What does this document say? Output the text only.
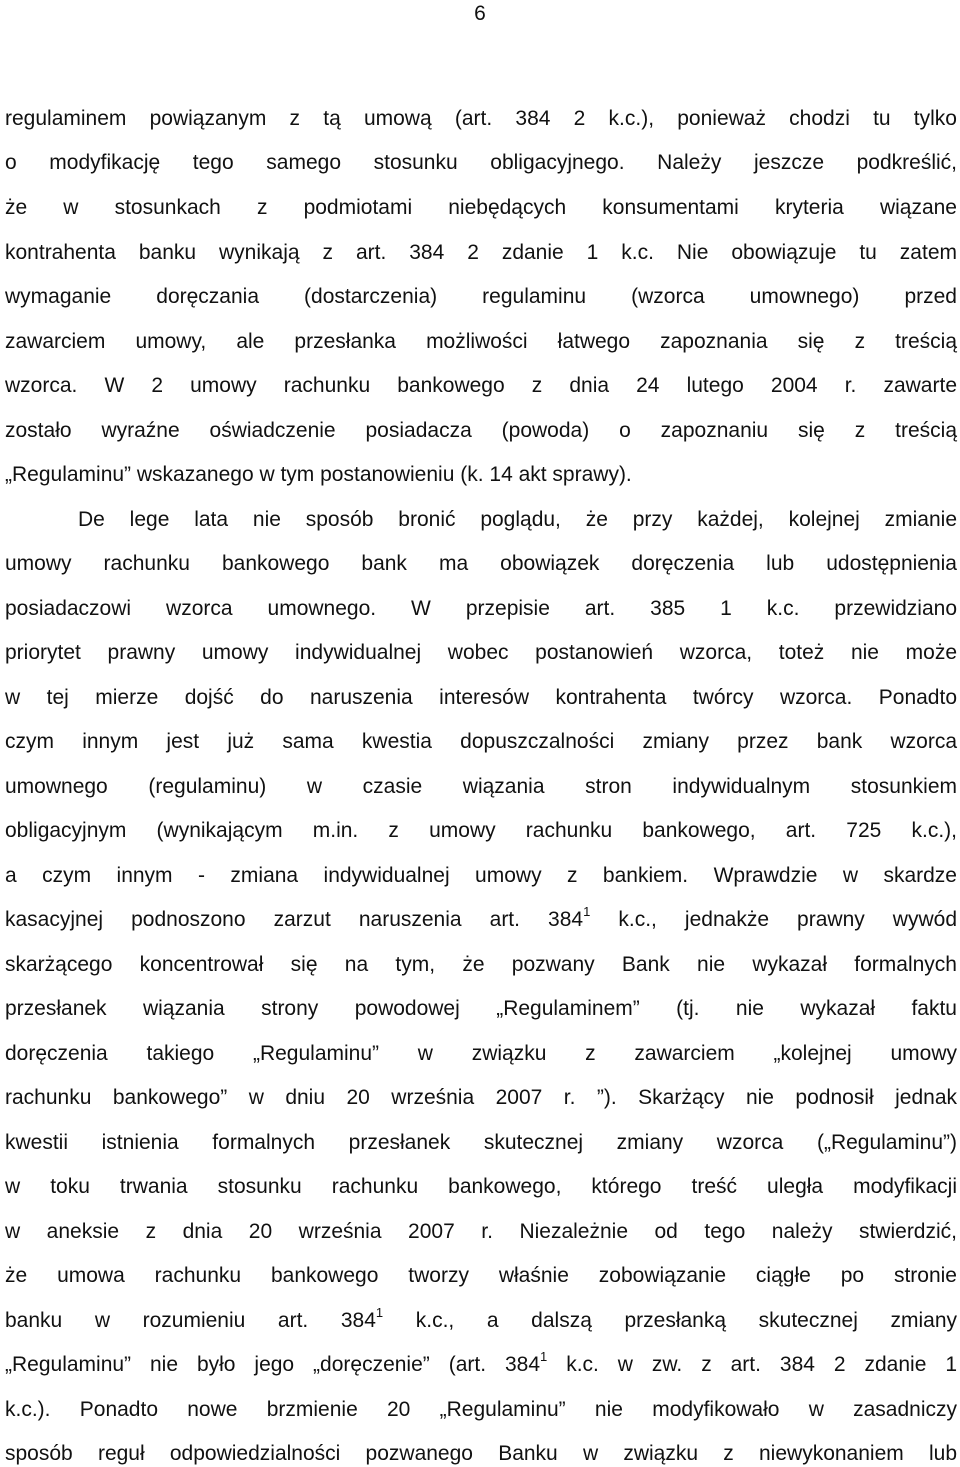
6
regulaminem powiązanym z tą umową (art. 384 2 k.c.), ponieważ chodzi tu tylko
o modyfikację tego samego stosunku obligacyjnego. Należy jeszcze podkreślić,
że w stosunkach z podmiotami niebędących konsumentami kryteria wiązane
kontrahenta banku wynikają z art. 384 2 zdanie 1 k.c. Nie obowiązuje tu zatem
wymaganie doręczania (dostarczenia) regulaminu (wzorca umownego) przed
zawarciem umowy, ale przesłanka możliwości łatwego zapoznania się z treścią
wzorca. W 2 umowy rachunku bankowego z dnia 24 lutego 2004 r. zawarte
zostało wyraźne oświadczenie posiadacza (powoda) o zapoznaniu się z treścią
„Regulaminu” wskazanego w tym postanowieniu (k. 14 akt sprawy).
De lege lata nie sposób bronić poglądu, że przy każdej, kolejnej zmianie
umowy rachunku bankowego bank ma obowiązek doręczenia lub udostępnienia
posiadaczowi wzorca umownego. W przepisie art. 385 1 k.c. przewidziano
priorytet prawny umowy indywidualnej wobec postanowień wzorca, toteż nie może
w tej mierze dojść do naruszenia interesów kontrahenta twórcy wzorca. Ponadto
czym innym jest już sama kwestia dopuszczalności zmiany przez bank wzorca
umownego (regulaminu) w czasie wiązania stron indywidualnym stosunkiem
obligacyjnym (wynikającym m.in. z umowy rachunku bankowego, art. 725 k.c.),
a czym innym - zmiana indywidualnej umowy z bankiem. Wprawdzie w skardze
kasacyjnej podnoszono zarzut naruszenia art. $384^1$ k.c., jednakże prawny wywód
skarżącego koncentrował się na tym, że pozwany Bank nie wykazał formalnych
przesłanek wiązania strony powodowej „Regulaminem” (tj. nie wykazał faktu
doręczenia takiego „Regulaminu” w związku z zawarciem „kolejnej umowy
rachunku bankowego” w dniu 20 września 2007 r. ”). Skarżący nie podnosił jednak
kwestii istnienia formalnych przesłanek skutecznej zmiany wzorca („Regulaminu”)
w toku trwania stosunku rachunku bankowego, którego treść uległa modyfikacji
w aneksie z dnia 20 września 2007 r. Niezależnie od tego należy stwierdzić,
że umowa rachunku bankowego tworzy właśnie zobowiązanie ciągłe po stronie
banku w rozumieniu art. $384^1$ k.c., a dalszą przesłanką skutecznej zmiany
„Regulaminu” nie było jego „doręczenie” (art. $384^1$ k.c. w zw. z art. 384 2 zdanie 1
k.c.). Ponadto nowe brzmienie 20 „Regulaminu” nie modyfikowało w zasadniczy
sposób reguł odpowiedzialności pozwanego Banku w związku z niewykonaniem lub
